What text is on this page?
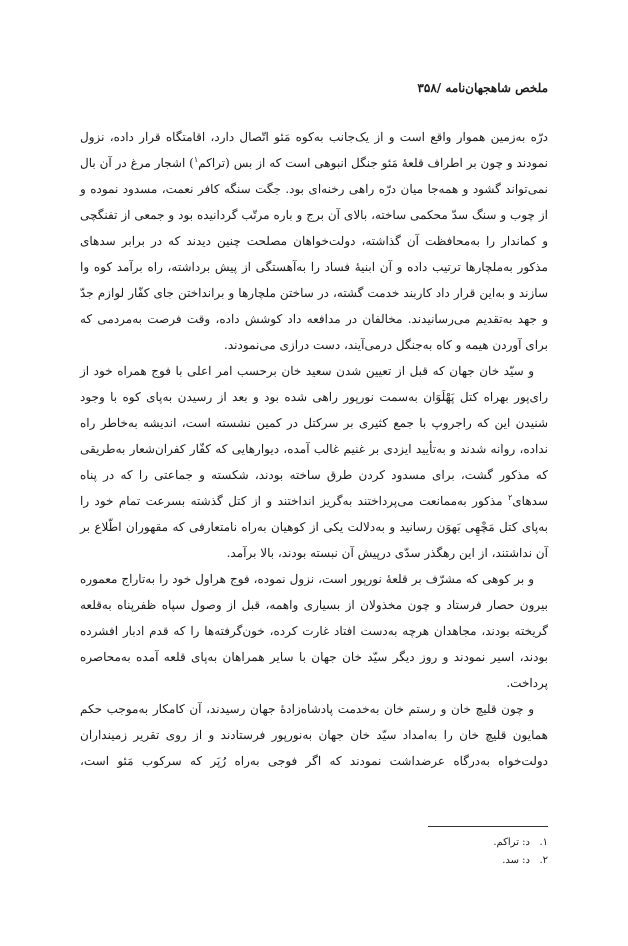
ملخص شاهجهان‌نامه /۳۵۸

درّه به‌زمین هموار واقع است و از یک‌جانب به‌کوه مَئو اتّصال دارد، اقامتگاه قرار داده، نزول نمودند و چون بر اطراف قلعهٔ مَئو جنگل انبوهی است که از بس (تراکم$^۱$) اشجار مرغ در آن بال نمی‌تواند گشود و همه‌جا میان درّه راهی رخنه‌ای بود. جگت سنگه کافر نعمت، مسدود نموده و از چوب و سنگ سدّ محکمی ساخته، بالای آن برج و باره مرتّب گردانیده بود و جمعی از تفنگچی و کماندار را به‌محافظت آن گذاشته، دولت‌خواهان مصلحت چنین دیدند که در برابر سدهای مذکور به‌ملچارها ترتیب داده و آن ابنیهٔ فساد را به‌آهستگی از پیش برداشته، راه برآمد کوه وا سازند و به‌این قرار داد کاربند خدمت گشته، در ساختن ملچارها و برانداختن جای کفّار لوازم جدّ و جهد به‌تقدیم می‌رسانیدند. مخالفان در مدافعه داد کوشش داده، وقت فرصت به‌مردمی که برای آوردن هیمه و کاه به‌جنگل درمی‌آیند، دست درازی می‌نمودند.

و سیّد خان جهان که قبل از تعیین شدن سعید خان برحسب امر اعلی با فوج همراه خود از رای‌پور بهراه کتل پَهْلَوَان به‌سمت نورپور راهی شده بود و بعد از رسیدن به‌پای کوه با وجود شنیدن این که راجروپ با جمع کثیری بر سرکتل در کمین نشسته است، اندیشه به‌خاطر راه نداده، روانه شدند و به‌تأیید ایزدی بر غنیم غالب آمده، دیوارهایی که کفّار کفران‌شعار به‌طریقی که مذکور گشت، برای مسدود کردن طرق ساخته بودند، شکسته و جماعتی را که در پناه سدهای$^۲$ مذکور به‌ممانعت می‌پرداختند به‌گریز انداختند و از کتل گذشته بسرعت تمام خود را به‌پای کتل مَچْهِی بَهوَن رسانید و به‌دلالت یکی از کوهیان به‌راه نامتعارفی که مقهوران اطّلاع بر آن نداشتند، از این رهگذر سدّی درپیش آن نبسته بودند، بالا برآمد.

و بر کوهی که مشرّف بر قلعهٔ نورپور است، نزول نموده، فوج هراول خود را به‌تاراج معموره بیرون حصار فرستاد و چون مخذولان از بسیاری واهمه، قبل از وصول سپاه ظفرپناه به‌قلعه گریخته بودند، مجاهدان هرچه به‌دست افتاد غارت کرده، خون‌گرفته‌ها را که قدم ادبار افشرده بودند، اسیر نمودند و روز دیگر سیّد خان جهان با سایر همراهان به‌پای قلعه آمده به‌محاصره پرداخت.

و چون قلیچ خان و رستم خان به‌خدمت پادشاه‌زادهٔ جهان رسیدند، آن کامکار به‌موجب حکم همایون قلیچ خان را به‌امداد سیّد خان جهان به‌نورپور فرستادند و از روی تقریر زمینداران دولت‌خواه به‌درگاه عرضداشت نمودند که اگر فوجی به‌راه رُپَر که سرکوب مَئو است،

۱.د: تراکم.

۲.د: سد.
